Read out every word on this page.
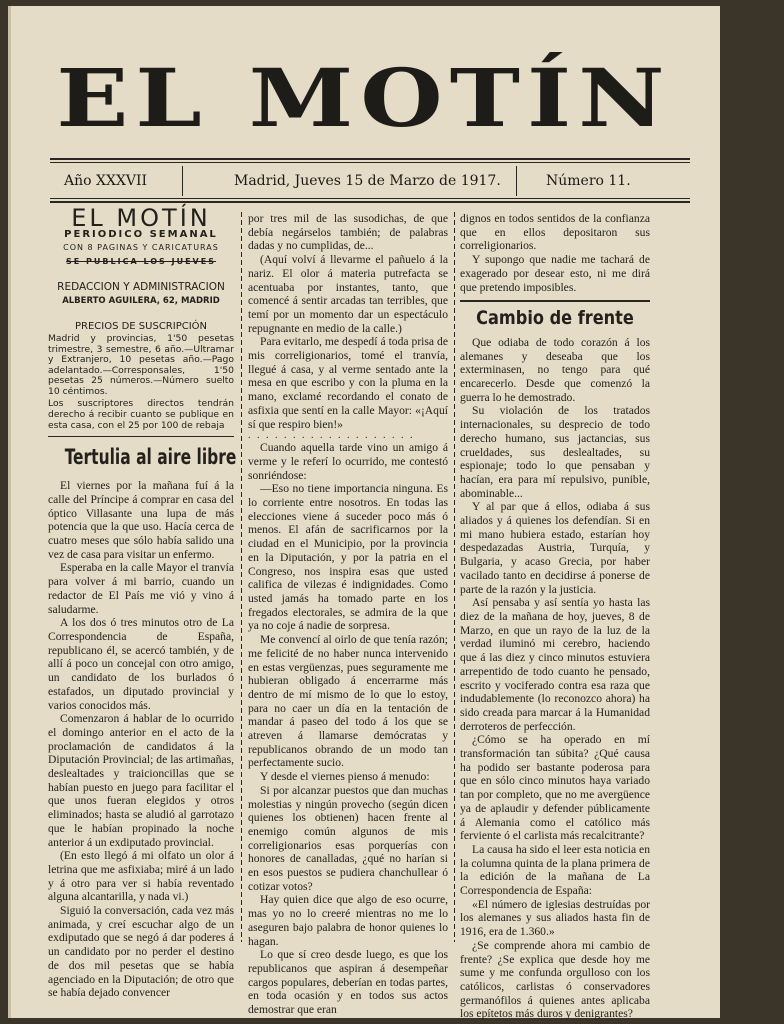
EL MOTÍN
Año XXXVII	Madrid, Jueves 15 de Marzo de 1917.	Número 11.
EL MOTÍN
PERIODICO SEMANAL
CON 8 PAGINAS Y CARICATURAS
SE PUBLICA LOS JUEVES
REDACCION Y ADMINISTRACION
ALBERTO AGUILERA, 62, MADRID
PRECIOS DE SUSCRIPCIÓN
Madrid y provincias, 1'50 pesetas trimestre, 3 semestre, 6 año.—Ultramar y Extranjero, 10 pesetas año.—Pago adelantado.—Corresponsales, 1'50 pesetas 25 números.—Número suelto 10 céntimos.
Los suscriptores directos tendrán derecho á recibir cuanto se publique en esta casa, con el 25 por 100 de rebaja
Tertulia al aire libre

El viernes por la mañana fuí á la calle del Príncipe á comprar en casa del óptico Villasante una lupa de más potencia que la que uso. Hacía cerca de cuatro meses que sólo había salido una vez de casa para visitar un enfermo.

Esperaba en la calle Mayor el tranvía para volver á mi barrio, cuando un redactor de El País me vió y vino á saludarme.

A los dos ó tres minutos otro de La Correspondencia de España, republicano él, se acercó también, y de allí á poco un concejal con otro amigo, un candidato de los burlados ó estafados, un diputado provincial y varios conocidos más.

Comenzaron á hablar de lo ocurrido el domingo anterior en el acto de la proclamación de candidatos á la Diputación Provincial; de las artimañas, deslealtades y traicioncillas que se habían puesto en juego para facilitar el que unos fueran elegidos y otros eliminados; hasta se aludió al garrotazo que le habían propinado la noche anterior á un exdiputado provincial.

(En esto llegó á mi olfato un olor á letrina que me asfixiaba; miré á un lado y á otro para ver si había reventado alguna alcantarilla, y nada vi.)

Siguió la conversación, cada vez más animada, y creí escuchar algo de un exdiputado que se negó á dar poderes á un candidato por no perder el destino de dos mil pesetas que se había agenciado en la Diputación; de otro que se había dejado convencer

por tres mil de las susodichas, de que debía negárselos también; de palabras dadas y no cumplidas, de...

(Aquí volví á llevarme el pañuelo á la nariz. El olor á materia putrefacta se acentuaba por instantes, tanto, que comencé á sentir arcadas tan terribles, que temí por un momento dar un espectáculo repugnante en medio de la calle.)

Para evitarlo, me despedí á toda prisa de mis correligionarios, tomé el tranvía, llegué á casa, y al verme sentado ante la mesa en que escribo y con la pluma en la mano, exclamé recordando el conato de asfixia que sentí en la calle Mayor: «¡Aquí sí que respiro bien!»

. . . . . . . . . . . . . . . . . . .

Cuando aquella tarde vino un amigo á verme y le referí lo ocurrido, me contestó sonriéndose:

—Eso no tiene importancia ninguna. Es lo corriente entre nosotros. En todas las elecciones viene á suceder poco más ó menos. El afán de sacrificarnos por la ciudad en el Municipio, por la provincia en la Diputación, y por la patria en el Congreso, nos inspira esas que usted califica de vilezas é indignidades. Como usted jamás ha tomado parte en los fregados electorales, se admira de la que ya no coje á nadie de sorpresa.

Me convencí al oirlo de que tenía razón; me felicité de no haber nunca intervenido en estas vergüenzas, pues seguramente me hubieran obligado á encerrarme más dentro de mí mismo de lo que lo estoy, para no caer un día en la tentación de mandar á paseo del todo á los que se atreven á llamarse demócratas y republicanos obrando de un modo tan perfectamente sucio.

Y desde el viernes pienso á menudo:

Si por alcanzar puestos que dan muchas molestias y ningún provecho (según dicen quienes los obtienen) hacen frente al enemigo común algunos de mis correligionarios esas porquerías con honores de canalladas, ¿qué no harían si en esos puestos se pudiera chanchullear ó cotizar votos?

Hay quien dice que algo de eso ocurre, mas yo no lo creeré mientras no me lo aseguren bajo palabra de honor quienes lo hagan.

Lo que sí creo desde luego, es que los republicanos que aspiran á desempeñar cargos populares, deberían en todas partes, en toda ocasión y en todos sus actos demostrar que eran

dignos en todos sentidos de la confianza que en ellos depositaron sus correligionarios.

Y supongo que nadie me tachará de exagerado por desear esto, ni me dirá que pretendo imposibles.

Cambio de frente

Que odiaba de todo corazón á los alemanes y deseaba que los exterminasen, no tengo para qué encarecerlo. Desde que comenzó la guerra lo he demostrado.

Su violación de los tratados internacionales, su desprecio de todo derecho humano, sus jactancias, sus crueldades, sus deslealtades, su espionaje; todo lo que pensaban y hacían, era para mí repulsivo, punible, abominable...

Y al par que á ellos, odiaba á sus aliados y á quienes los defendían. Si en mi mano hubiera estado, estarían hoy despedazadas Austria, Turquía, y Bulgaria, y acaso Grecia, por haber vacilado tanto en decidirse á ponerse de parte de la razón y la justicia.

Así pensaba y así sentía yo hasta las diez de la mañana de hoy, jueves, 8 de Marzo, en que un rayo de la luz de la verdad iluminó mi cerebro, haciendo que á las diez y cinco minutos estuviera arrepentido de todo cuanto he pensado, escrito y vociferado contra esa raza que indudablemente (lo reconozco ahora) ha sido creada para marcar á la Humanidad derroteros de perfección.

¿Cómo se ha operado en mí transformación tan súbita? ¿Qué causa ha podido ser bastante poderosa para que en sólo cinco minutos haya variado tan por completo, que no me avergüence ya de aplaudir y defender públicamente á Alemania como el católico más ferviente ó el carlista más recalcitrante?

La causa ha sido el leer esta noticia en la columna quinta de la plana primera de la edición de la mañana de La Correspondencia de España:

«El número de iglesias destruídas por los alemanes y sus aliados hasta fin de 1916, era de 1.360.»

¿Se comprende ahora mi cambio de frente? ¿Se explica que desde hoy me sume y me confunda orgulloso con los católicos, carlistas ó conservadores germanófilos á quienes antes aplicaba los epítetos más duros y denigrantes?
